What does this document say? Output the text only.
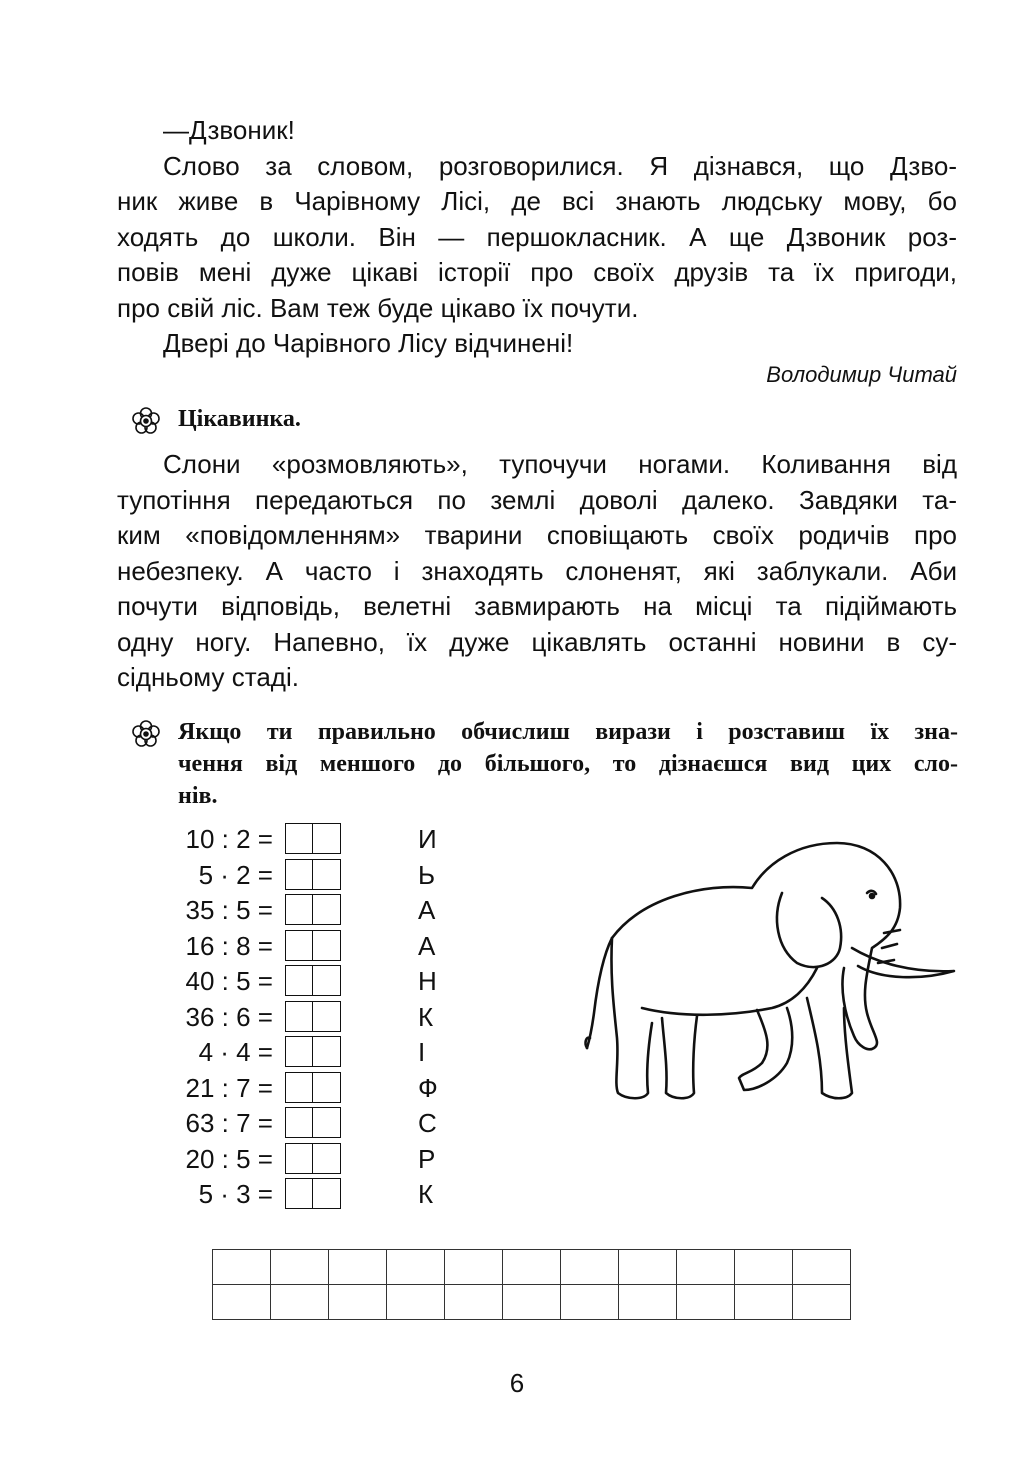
—Дзвоник!
Слово за словом, розговорилися. Я дізнався, що Дзво-
ник живе в Чарівному Лісі, де всі знають людську мову, бо
ходять до школи. Він — першокласник. А ще Дзвоник роз-
повів мені дуже цікаві історії про своїх друзів та їх пригоди,
про свій ліс. Вам теж буде цікаво їх почути.
Двері до Чарівного Лісу відчинені!
Володимир Читай
Цікавинка.
Слони «розмовляють», тупочучи ногами. Коливання від
тупотіння передаються по землі доволі далеко. Завдяки та-
ким «повідомленням» тварини сповіщають своїх родичів про
небезпеку. А часто і знаходять слоненят, які заблукали. Аби
почути відповідь, велетні завмирають на місці та підіймають
одну ногу. Напевно, їх дуже цікавлять останні новини в су-
сідньому стаді.
Якщо ти правильно обчислиш вирази і розставиш їх зна-
чення від меншого до більшого, то дізнаєшся вид цих сло-
нів.
10 : 2 =	И
5 · 2 =	Ь
35 : 5 =	А
16 : 8 =	А
40 : 5 =	Н
36 : 6 =	К
4 · 4 =	І
21 : 7 =	Ф
63 : 7 =	С
20 : 5 =	Р
5 · 3 =	К

6
